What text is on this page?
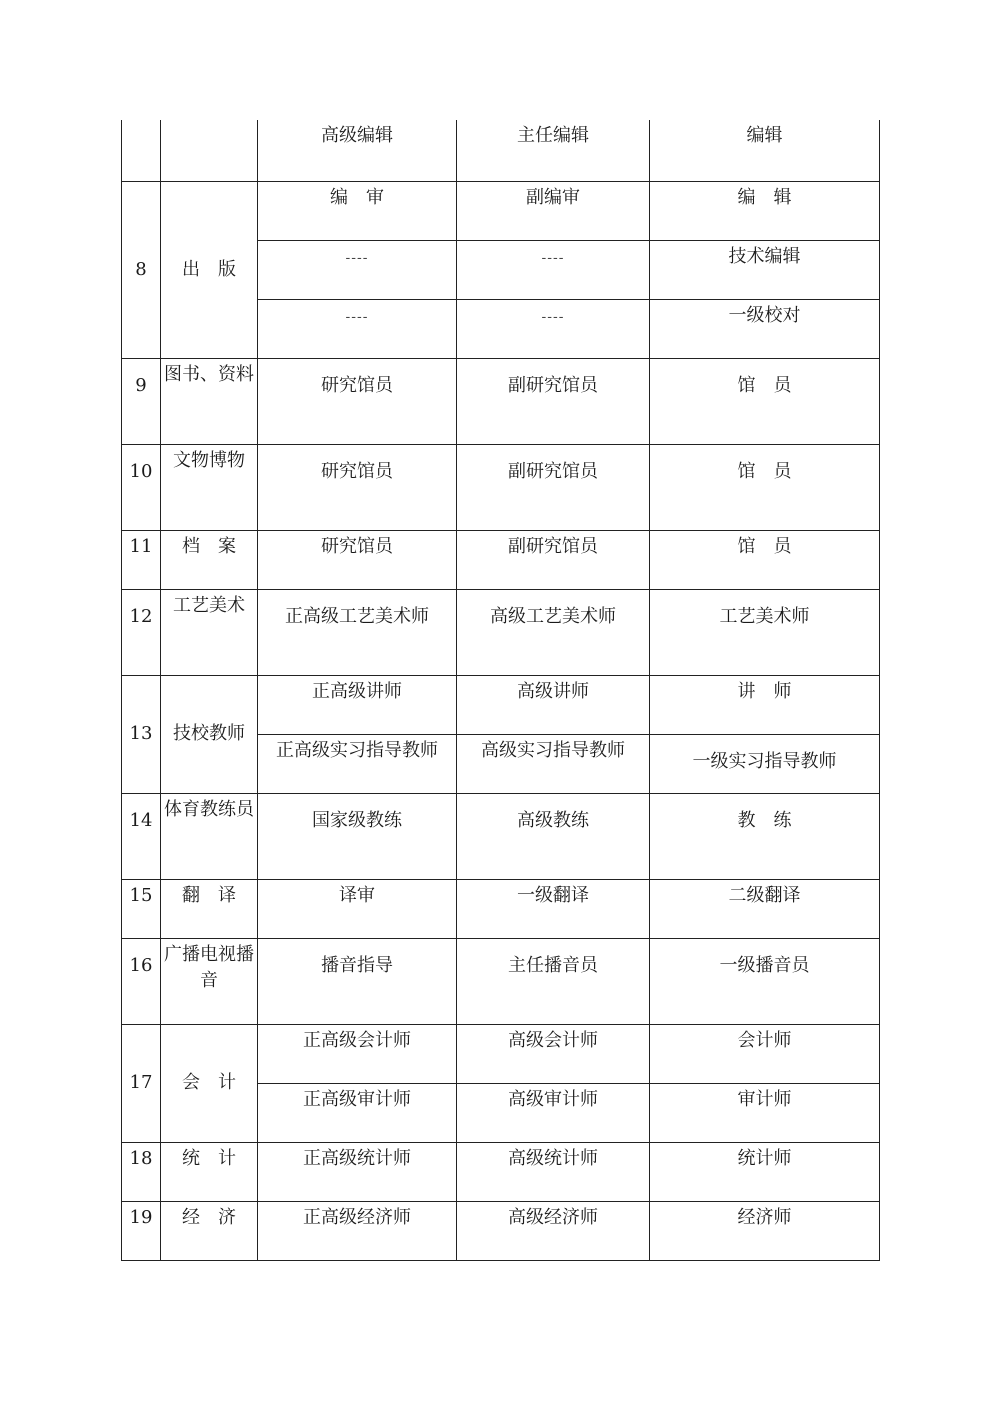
		高级编辑	主任编辑	编辑
8	出　版	编　审	副编审	编　辑
		----	----	技术编辑
		----	----	一级校对
9	图书、资料	研究馆员	副研究馆员	馆　员
10	文物博物	研究馆员	副研究馆员	馆　员
11	档　案	研究馆员	副研究馆员	馆　员
12	工艺美术	正高级工艺美术师	高级工艺美术师	工艺美术师
13	技校教师	正高级讲师	高级讲师	讲　师
		正高级实习指导教师	高级实习指导教师	一级实习指导教师
14	体育教练员	国家级教练	高级教练	教　练
15	翻　译	译审	一级翻译	二级翻译
16	广播电视播音	播音指导	主任播音员	一级播音员
17	会　计	正高级会计师	高级会计师	会计师
		正高级审计师	高级审计师	审计师
18	统　计	正高级统计师	高级统计师	统计师
19	经　济	正高级经济师	高级经济师	经济师
